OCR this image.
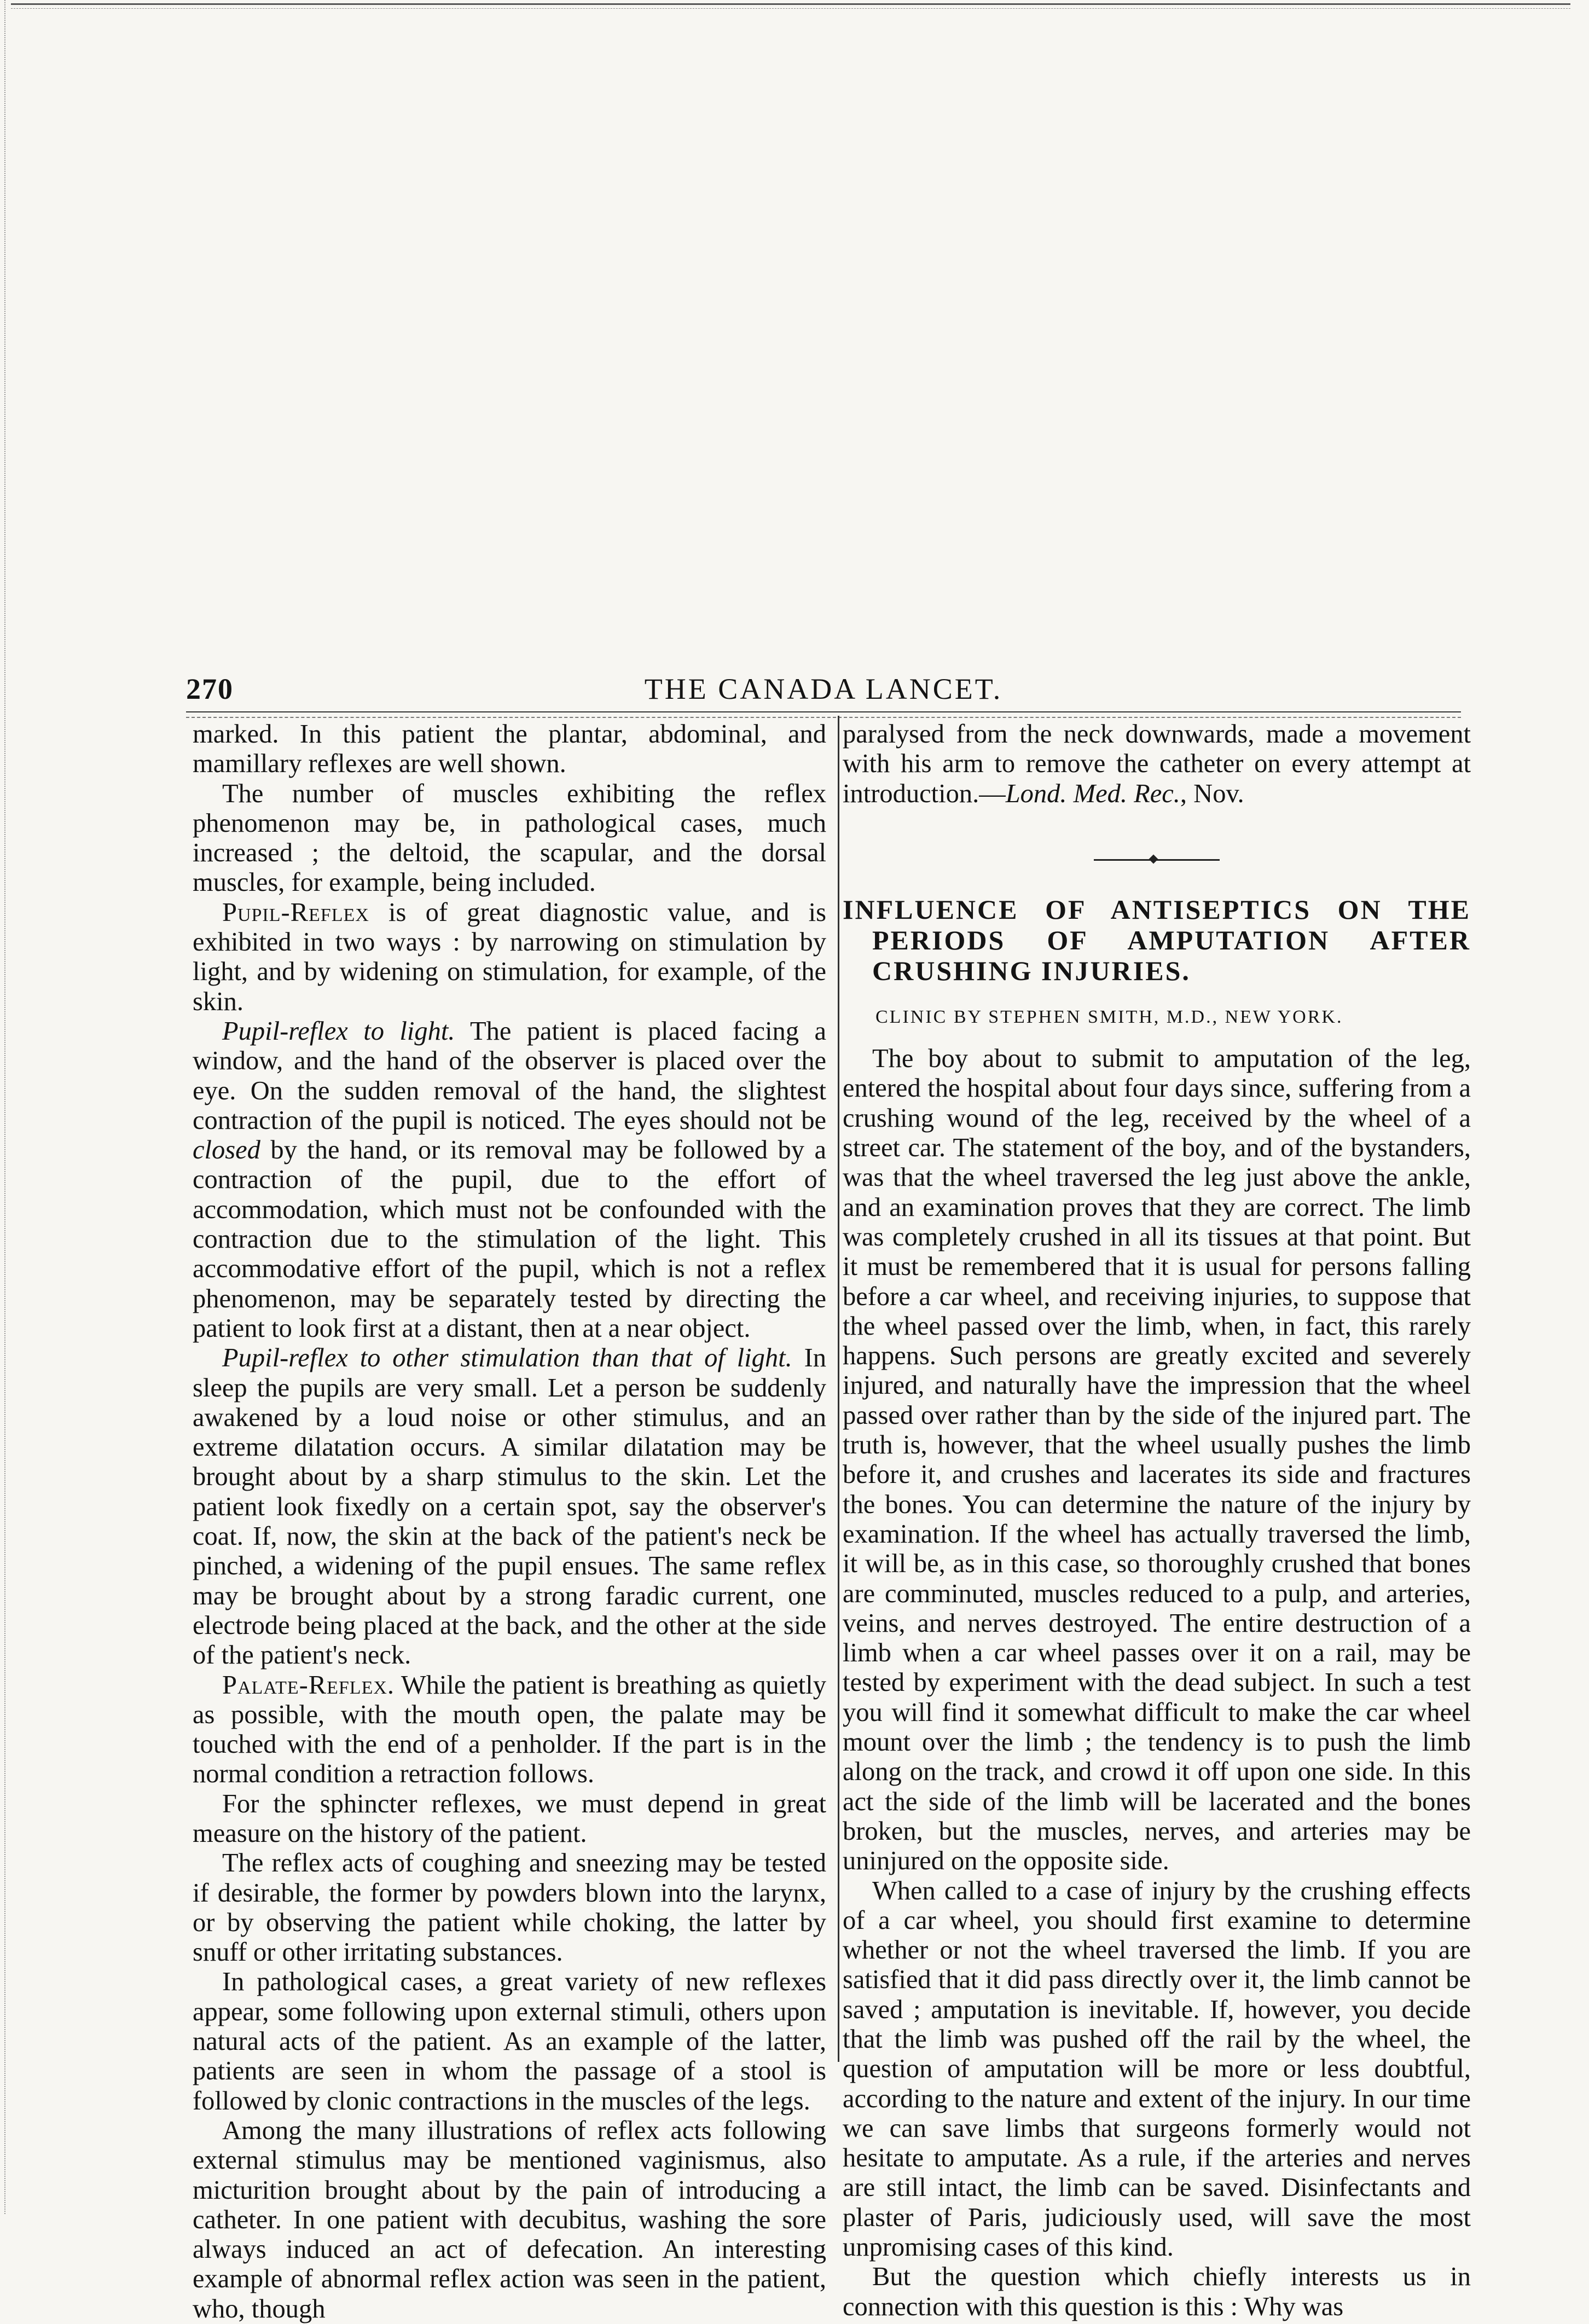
270	THE CANADA LANCET.

marked. In this patient the plantar, abdominal, and mamillary reflexes are well shown.

The number of muscles exhibiting the reflex phenomenon may be, in pathological cases, much increased ; the deltoid, the scapular, and the dorsal muscles, for example, being included.

Pupil-Reflex is of great diagnostic value, and is exhibited in two ways : by narrowing on stimulation by light, and by widening on stimulation, for example, of the skin.

Pupil-reflex to light. The patient is placed facing a window, and the hand of the observer is placed over the eye. On the sudden removal of the hand, the slightest contraction of the pupil is noticed. The eyes should not be closed by the hand, or its removal may be followed by a contraction of the pupil, due to the effort of accommodation, which must not be confounded with the contraction due to the stimulation of the light. This accommodative effort of the pupil, which is not a reflex phenomenon, may be separately tested by directing the patient to look first at a distant, then at a near object.

Pupil-reflex to other stimulation than that of light. In sleep the pupils are very small. Let a person be suddenly awakened by a loud noise or other stimulus, and an extreme dilatation occurs. A similar dilatation may be brought about by a sharp stimulus to the skin. Let the patient look fixedly on a certain spot, say the observer's coat. If, now, the skin at the back of the patient's neck be pinched, a widening of the pupil ensues. The same reflex may be brought about by a strong faradic current, one electrode being placed at the back, and the other at the side of the patient's neck.

Palate-Reflex. While the patient is breathing as quietly as possible, with the mouth open, the palate may be touched with the end of a penholder. If the part is in the normal condition a retraction follows.

For the sphincter reflexes, we must depend in great measure on the history of the patient.

The reflex acts of coughing and sneezing may be tested if desirable, the former by powders blown into the larynx, or by observing the patient while choking, the latter by snuff or other irritating substances.

In pathological cases, a great variety of new reflexes appear, some following upon external stimuli, others upon natural acts of the patient. As an example of the latter, patients are seen in whom the passage of a stool is followed by clonic contractions in the muscles of the legs.

Among the many illustrations of reflex acts following external stimulus may be mentioned vaginismus, also micturition brought about by the pain of introducing a catheter. In one patient with decubitus, washing the sore always induced an act of defecation. An interesting example of abnormal reflex action was seen in the patient, who, though

paralysed from the neck downwards, made a movement with his arm to remove the catheter on every attempt at introduction.—Lond. Med. Rec., Nov.

INFLUENCE OF ANTISEPTICS ON THE
PERIODS OF AMPUTATION AFTER
CRUSHING INJURIES.
CLINIC BY STEPHEN SMITH, M.D., NEW YORK.

The boy about to submit to amputation of the leg, entered the hospital about four days since, suffering from a crushing wound of the leg, received by the wheel of a street car. The statement of the boy, and of the bystanders, was that the wheel traversed the leg just above the ankle, and an examination proves that they are correct. The limb was completely crushed in all its tissues at that point. But it must be remembered that it is usual for persons falling before a car wheel, and receiving injuries, to suppose that the wheel passed over the limb, when, in fact, this rarely happens. Such persons are greatly excited and severely injured, and naturally have the impression that the wheel passed over rather than by the side of the injured part. The truth is, however, that the wheel usually pushes the limb before it, and crushes and lacerates its side and fractures the bones. You can determine the nature of the injury by examination. If the wheel has actually traversed the limb, it will be, as in this case, so thoroughly crushed that bones are comminuted, muscles reduced to a pulp, and arteries, veins, and nerves destroyed. The entire destruction of a limb when a car wheel passes over it on a rail, may be tested by experiment with the dead subject. In such a test you will find it somewhat difficult to make the car wheel mount over the limb ; the tendency is to push the limb along on the track, and crowd it off upon one side. In this act the side of the limb will be lacerated and the bones broken, but the muscles, nerves, and arteries may be uninjured on the opposite side.

When called to a case of injury by the crushing effects of a car wheel, you should first examine to determine whether or not the wheel traversed the limb. If you are satisfied that it did pass directly over it, the limb cannot be saved ; amputation is inevitable. If, however, you decide that the limb was pushed off the rail by the wheel, the question of amputation will be more or less doubtful, according to the nature and extent of the injury. In our time we can save limbs that surgeons formerly would not hesitate to amputate. As a rule, if the arteries and nerves are still intact, the limb can be saved. Disinfectants and plaster of Paris, judiciously used, will save the most unpromising cases of this kind.

But the question which chiefly interests us in connection with this question is this : Why was
